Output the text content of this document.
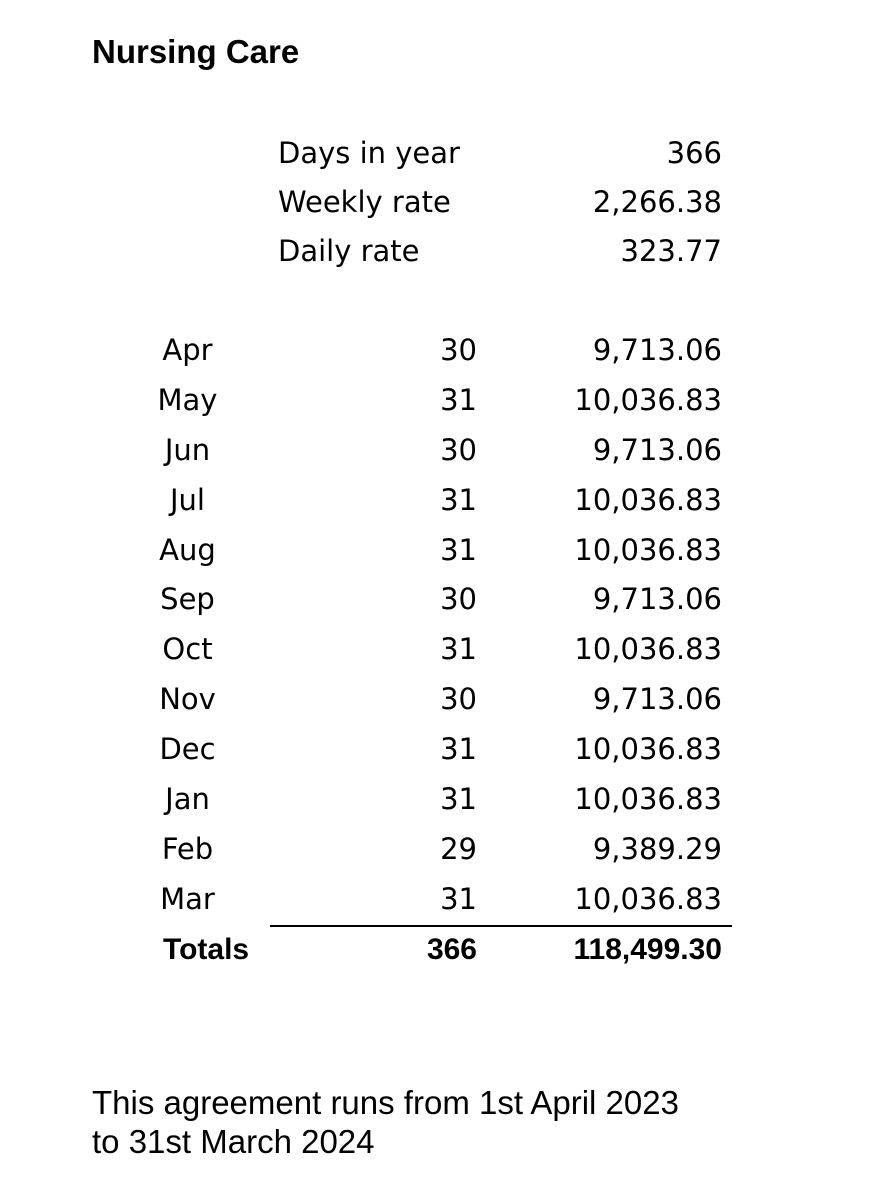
Nursing Care
Days in year	366
Weekly rate	2,266.38
Daily rate	323.77
Apr	30	9,713.06
May	31	10,036.83
Jun	30	9,713.06
Jul	31	10,036.83
Aug	31	10,036.83
Sep	30	9,713.06
Oct	31	10,036.83
Nov	30	9,713.06
Dec	31	10,036.83
Jan	31	10,036.83
Feb	29	9,389.29
Mar	31	10,036.83
Totals	366	118,499.30

This agreement runs from 1st April 2023
to 31st March 2024
